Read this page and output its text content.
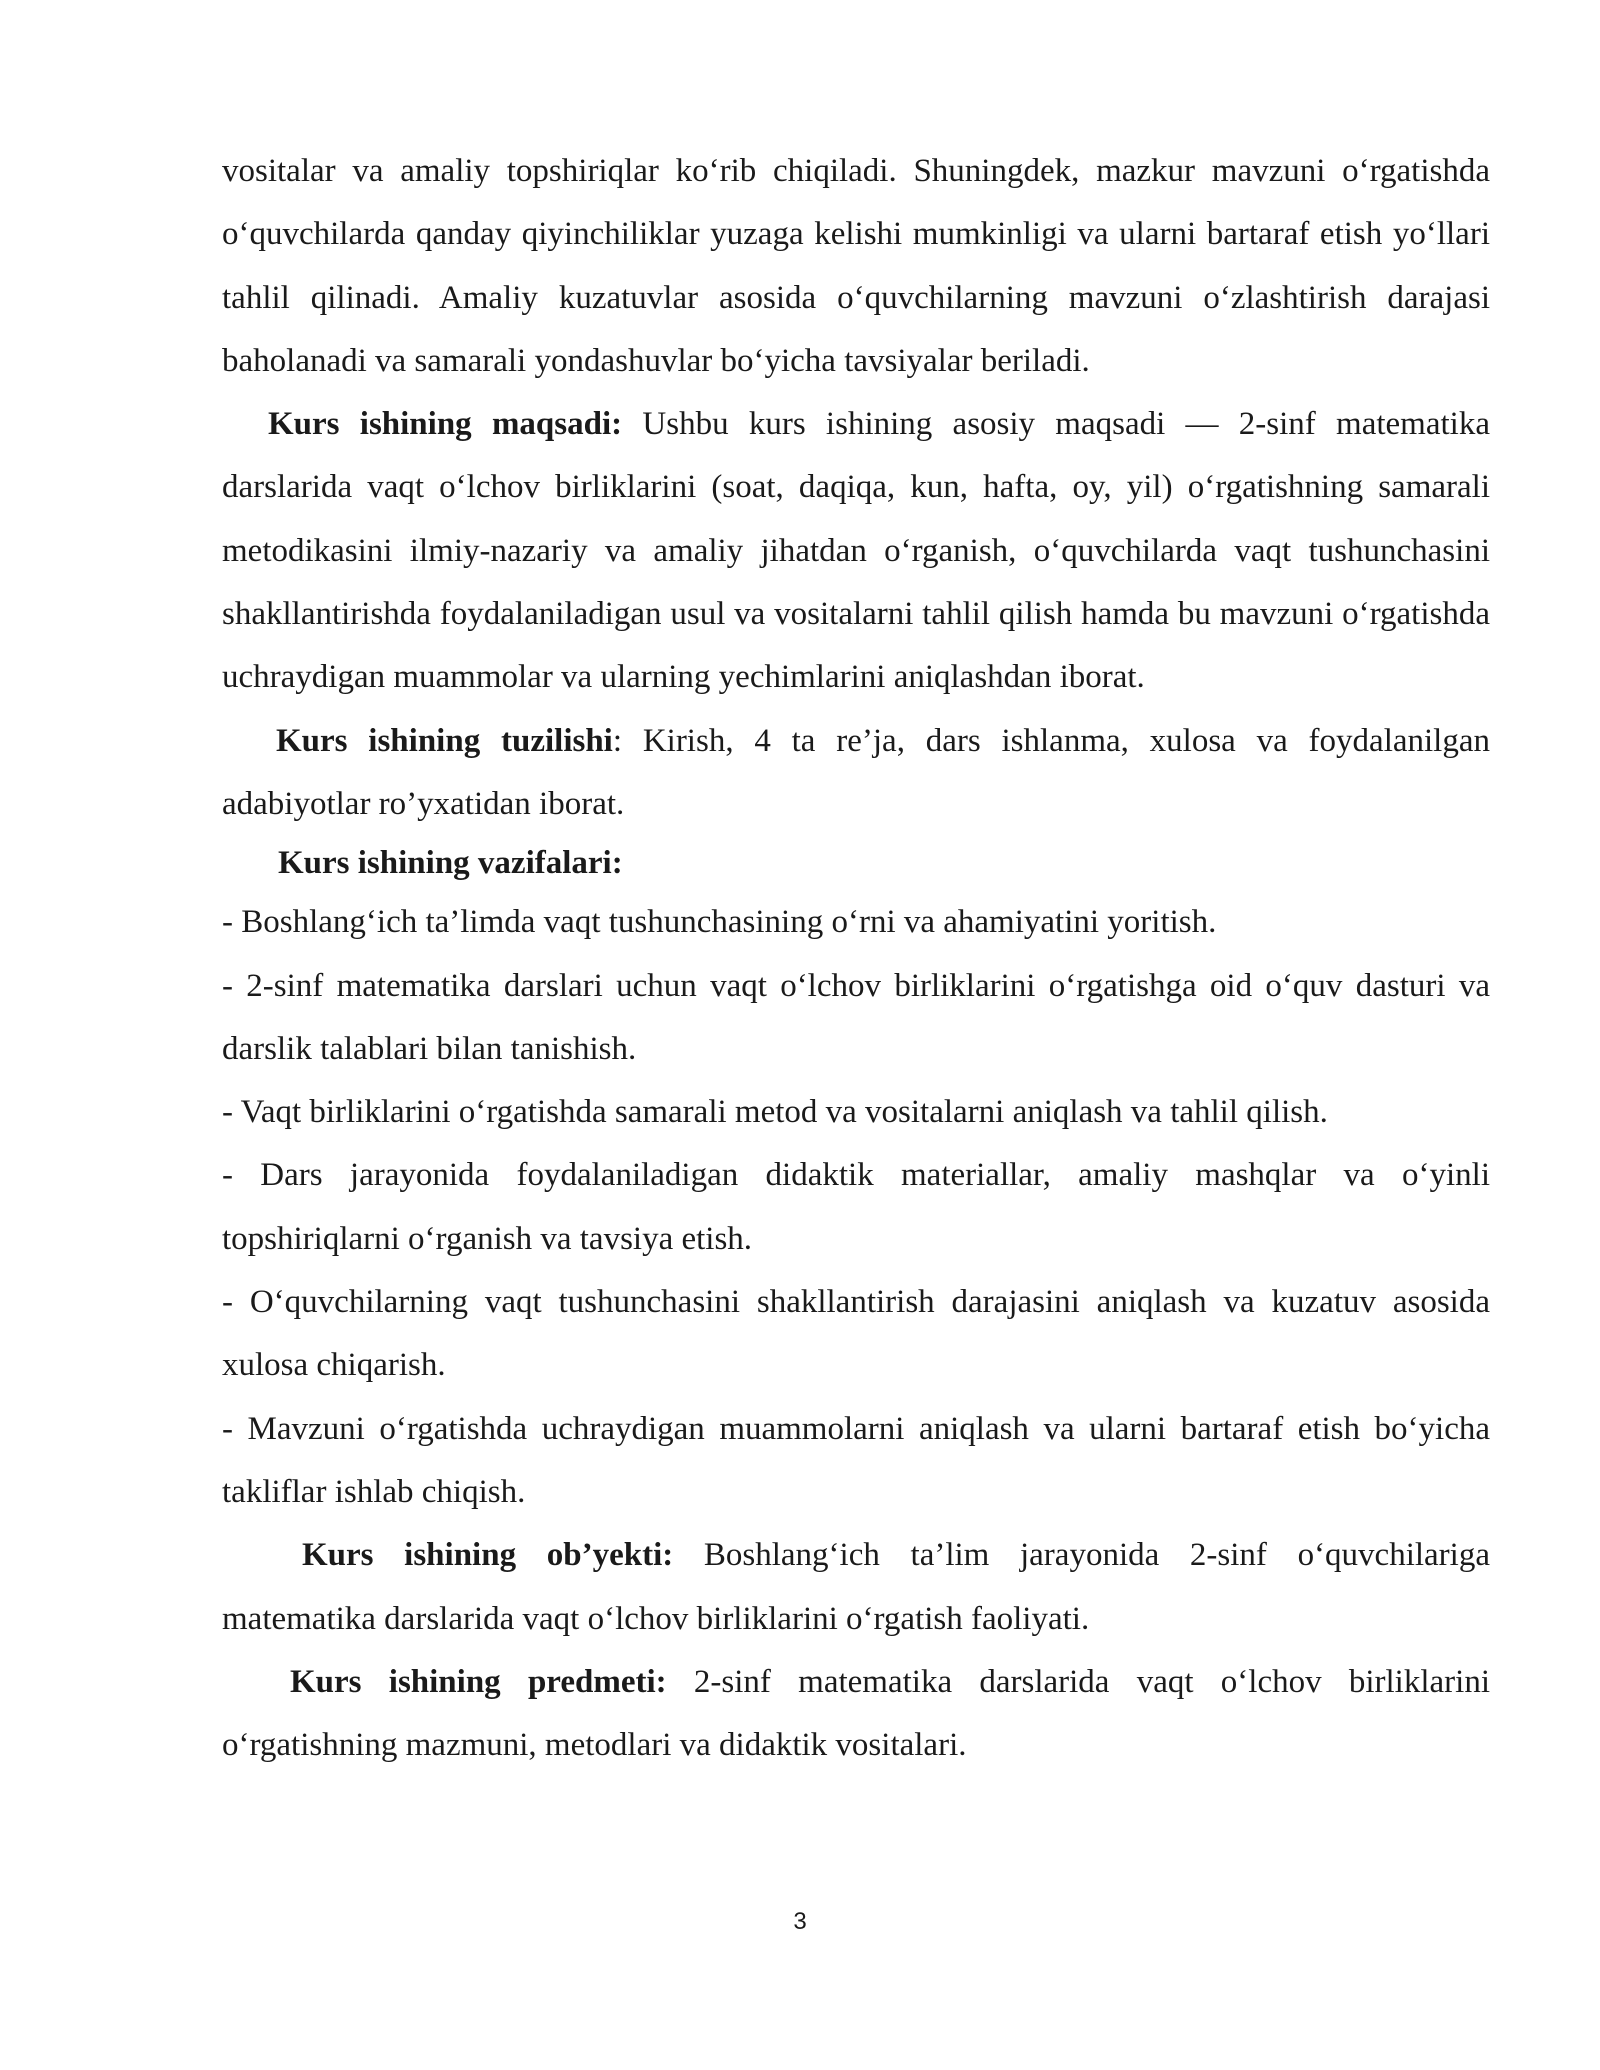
vositalar va amaliy topshiriqlar ko‘rib chiqiladi. Shuningdek, mazkur mavzuni o‘rgatishda o‘quvchilarda qanday qiyinchiliklar yuzaga kelishi mumkinligi va ularni bartaraf etish yo‘llari tahlil qilinadi. Amaliy kuzatuvlar asosida o‘quvchilarning mavzuni o‘zlashtirish darajasi baholanadi va samarali yondashuvlar bo‘yicha tavsiyalar beriladi.

Kurs ishining maqsadi: Ushbu kurs ishining asosiy maqsadi — 2-sinf matematika darslarida vaqt o‘lchov birliklarini (soat, daqiqa, kun, hafta, oy, yil) o‘rgatishning samarali metodikasini ilmiy-nazariy va amaliy jihatdan o‘rganish, o‘quvchilarda vaqt tushunchasini shakllantirishda foydalaniladigan usul va vositalarni tahlil qilish hamda bu mavzuni o‘rgatishda uchraydigan muammolar va ularning yechimlarini aniqlashdan iborat.

Kurs ishining tuzilishi: Kirish, 4 ta re’ja, dars ishlanma, xulosa va foydalanilgan adabiyotlar ro’yxatidan iborat.

Kurs ishining vazifalari:

- Boshlang‘ich ta’limda vaqt tushunchasining o‘rni va ahamiyatini yoritish.

- 2-sinf matematika darslari uchun vaqt o‘lchov birliklarini o‘rgatishga oid o‘quv dasturi va darslik talablari bilan tanishish.

- Vaqt birliklarini o‘rgatishda samarali metod va vositalarni aniqlash va tahlil qilish.

- Dars jarayonida foydalaniladigan didaktik materiallar, amaliy mashqlar va o‘yinli topshiriqlarni o‘rganish va tavsiya etish.

- O‘quvchilarning vaqt tushunchasini shakllantirish darajasini aniqlash va kuzatuv asosida xulosa chiqarish.

- Mavzuni o‘rgatishda uchraydigan muammolarni aniqlash va ularni bartaraf etish bo‘yicha takliflar ishlab chiqish.

Kurs ishining ob’yekti: Boshlang‘ich ta’lim jarayonida 2-sinf o‘quvchilariga matematika darslarida vaqt o‘lchov birliklarini o‘rgatish faoliyati.

Kurs ishining predmeti: 2-sinf matematika darslarida vaqt o‘lchov birliklarini o‘rgatishning mazmuni, metodlari va didaktik vositalari.

3
